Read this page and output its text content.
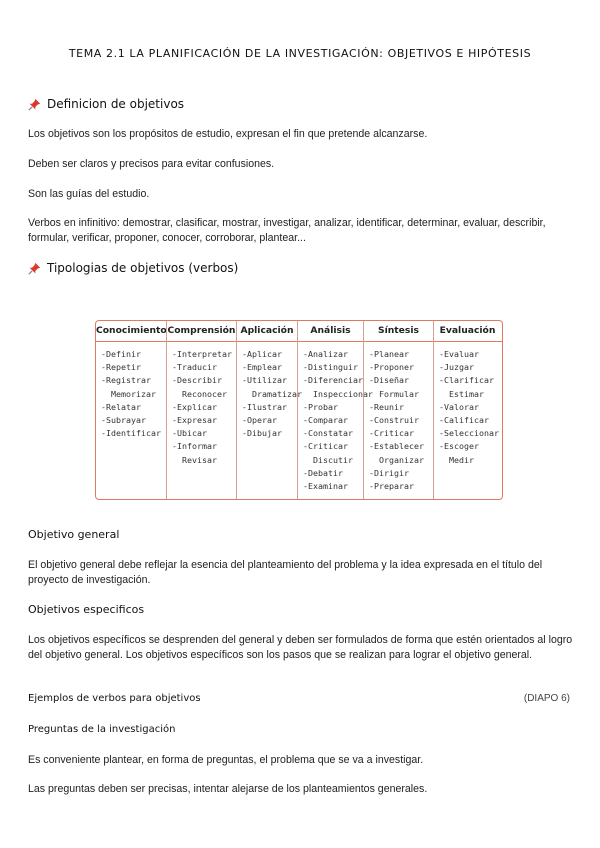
TEMA 2.1 LA PLANIFICACIÓN DE LA INVESTIGACIÓN: OBJETIVOS E HIPÓTESIS
Definicion de objetivos
Los objetivos son los propósitos de estudio, expresan el fin que pretende alcanzarse.
Deben ser claros y precisos para evitar confusiones.
Son las guías del estudio.
Verbos en infinitivo: demostrar, clasificar, mostrar, investigar, analizar, identificar, determinar, evaluar, describir, formular, verificar, proponer, conocer, corroborar, plantear...
Tipologias de objetivos (verbos)
Conocimiento
-Definir
-Repetir
-Registrar
Memorizar
-Relatar
-Subrayar
-Identificar
Comprensión
-Interpretar
-Traducir
-Describir
Reconocer
-Explicar
-Expresar
-Ubicar
-Informar
Revisar
Aplicación
-Aplicar
-Emplear
-Utilizar
Dramatizar
-Ilustrar
-Operar
-Dibujar
Análisis
-Analizar
-Distinguir
-Diferenciar
Inspeccionar
-Probar
-Comparar
-Constatar
-Criticar
Discutir
-Debatir
-Examinar
Síntesis
-Planear
-Proponer
-Diseñar
Formular
-Reunir
-Construir
-Criticar
-Establecer
Organizar
-Dirigir
-Preparar
Evaluación
-Evaluar
-Juzgar
-Clarificar
Estimar
-Valorar
-Calificar
-Seleccionar
-Escoger
Medir
Objetivo general
El objetivo general debe reflejar la esencia del planteamiento del problema y la idea expresada en el título del proyecto de investigación.
Objetivos especificos
Los objetivos específicos se desprenden del general y deben ser formulados de forma que estén orientados al logro del objetivo general. Los objetivos específicos son los pasos que se realizan para lograr el objetivo general.
Ejemplos de verbos para objetivos	(DIAPO 6)
Preguntas de la investigación
Es conveniente plantear, en forma de preguntas, el problema que se va a investigar.
Las preguntas deben ser precisas, intentar alejarse de los planteamientos generales.
